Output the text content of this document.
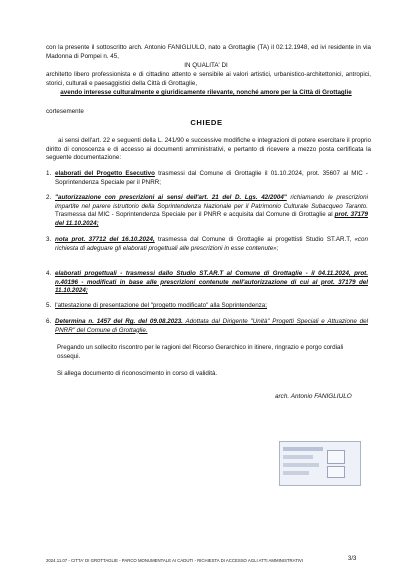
con la presente il sottoscritto arch. Antonio FANIGLIULO, nato a Grottaglie (TA) il 02.12.1948, ed ivi residente in via Madonna di Pompei n. 45,
IN QUALITA' DI
architetto libero professionista e di cittadino attento e sensibile ai valori artistici, urbanistico-architettonici, antropici, storici, culturali e paesaggistici della Città di Grottaglie,
avendo interesse culturalmente e giuridicamente rilevante, nonché amore per la Città di Grottaglie
cortesemente
CHIEDE
ai sensi dell'art. 22 e seguenti della L. 241/90 e successive modifiche e integrazioni di potere esercitare il proprio diritto di conoscenza e di accesso ai documenti amministrativi, e pertanto di ricevere a mezzo posta certificata la seguente documentazione:
1. elaborati del Progetto Esecutivo trasmessi dal Comune di Grottaglie il 01.10.2024, prot. 35607 al MIC - Soprintendenza Speciale per il PNRR;
2. "autorizzazione con prescrizioni ai sensi dell'art. 21 del D. Lgs. 42/2004" richiamando le prescrizioni impartite nel parere istruttorio della Soprintendenza Nazionale per il Patrimonio Culturale Subacqueo Taranto. Trasmessa dal MIC - Soprintendenza Speciale per il PNRR e acquisita dal Comune di Grottaglie al prot. 37179 del 11.10.2024;
3. nota prot. 37712 del 16.10.2024, trasmessa dal Comune di Grottaglie ai progettisti Studio ST.AR.T, «con richiesta di adeguare gli elaborati progettuali alle prescrizioni in esse contenute»;
4. elaborati progettuali - trasmessi dallo Studio ST.AR.T al Comune di Grottaglie - il 04.11.2024, prot. n.40196 - modificati in base alle prescrizioni contenute nell'autorizzazione di cui al prot. 37179 del 11.10.2024;
5. l'attestazione di presentazione del "progetto modificato" alla Soprintendenza;
6. Determina n. 1457 del Rg. del 09.08.2023. Adottata dal Dirigente "Unità" Progetti Speciali e Attuazione del PNRR" del Comune di Grottaglie.
Pregando un sollecito riscontro per le ragioni del Ricorso Gerarchico in itinere, ringrazio e porgo cordiali ossequi.
Si allega documento di riconoscimento in corso di validità.
arch. Antonio FANIGLIULO
2024.11.07 - CITTA' DI GROTTAGLIE - PARCO MONUMENTALE AI CADUTI - RICHIESTA DI ACCESSO AGLI ATTI AMMINISTRATIVI	3/3
